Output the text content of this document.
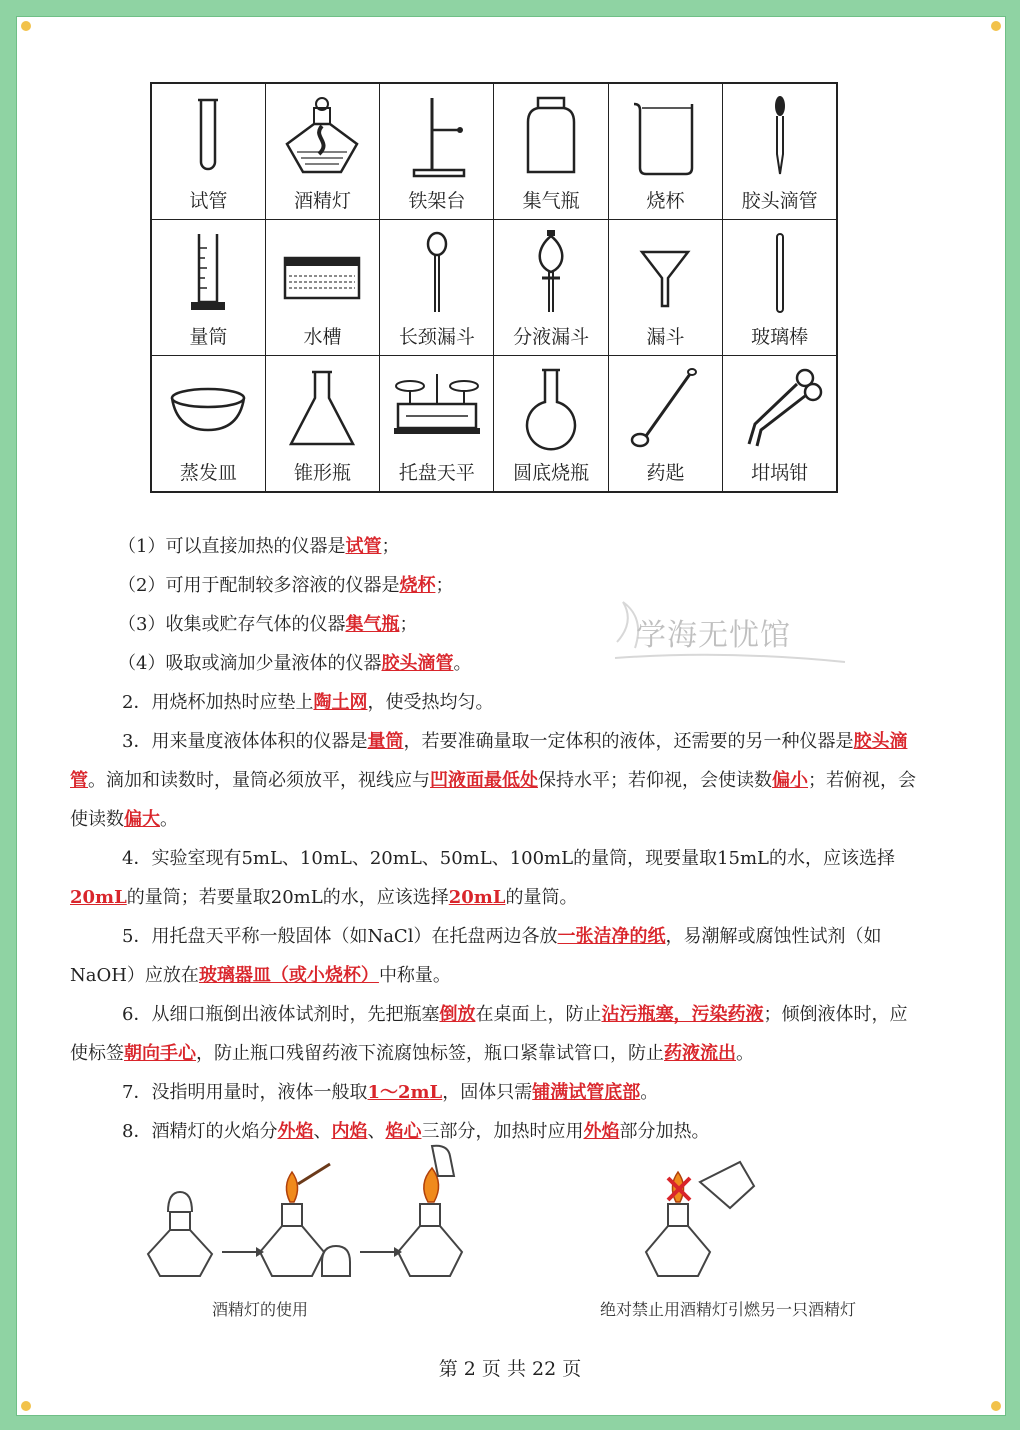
试管	酒精灯	铁架台	集气瓶	烧杯	胶头滴管

量筒	水槽	长颈漏斗	分液漏斗	漏斗	玻璃棒

蒸发皿	锥形瓶	托盘天平	圆底烧瓶	药匙	坩埚钳
（1）可以直接加热的仪器是试管；
（2）可用于配制较多溶液的仪器是烧杯；
（3）收集或贮存气体的仪器集气瓶；
（4）吸取或滴加少量液体的仪器胶头滴管。
学海无忧馆
2．用烧杯加热时应垫上陶土网，使受热均匀。
3．用来量度液体体积的仪器是量筒，若要准确量取一定体积的液体，还需要的另一种仪器是胶头滴管。滴加和读数时，量筒必须放平，视线应与凹液面最低处保持水平；若仰视，会使读数偏小；若俯视，会使读数偏大。
4．实验室现有5mL、10mL、20mL、50mL、100mL的量筒，现要量取15mL的水，应该选择20mL的量筒；若要量取20mL的水，应该选择20mL的量筒。
5．用托盘天平称一般固体（如NaCl）在托盘两边各放一张洁净的纸，易潮解或腐蚀性试剂（如NaOH）应放在玻璃器皿（或小烧杯）中称量。
6．从细口瓶倒出液体试剂时，先把瓶塞倒放在桌面上，防止沾污瓶塞，污染药液；倾倒液体时，应使标签朝向手心，防止瓶口残留药液下流腐蚀标签，瓶口紧靠试管口，防止药液流出。
7．没指明用量时，液体一般取1～2mL，固体只需铺满试管底部。
8．酒精灯的火焰分外焰、内焰、焰心三部分，加热时应用外焰部分加热。
酒精灯的使用	绝对禁止用酒精灯引燃另一只酒精灯
第 2 页 共 22 页
